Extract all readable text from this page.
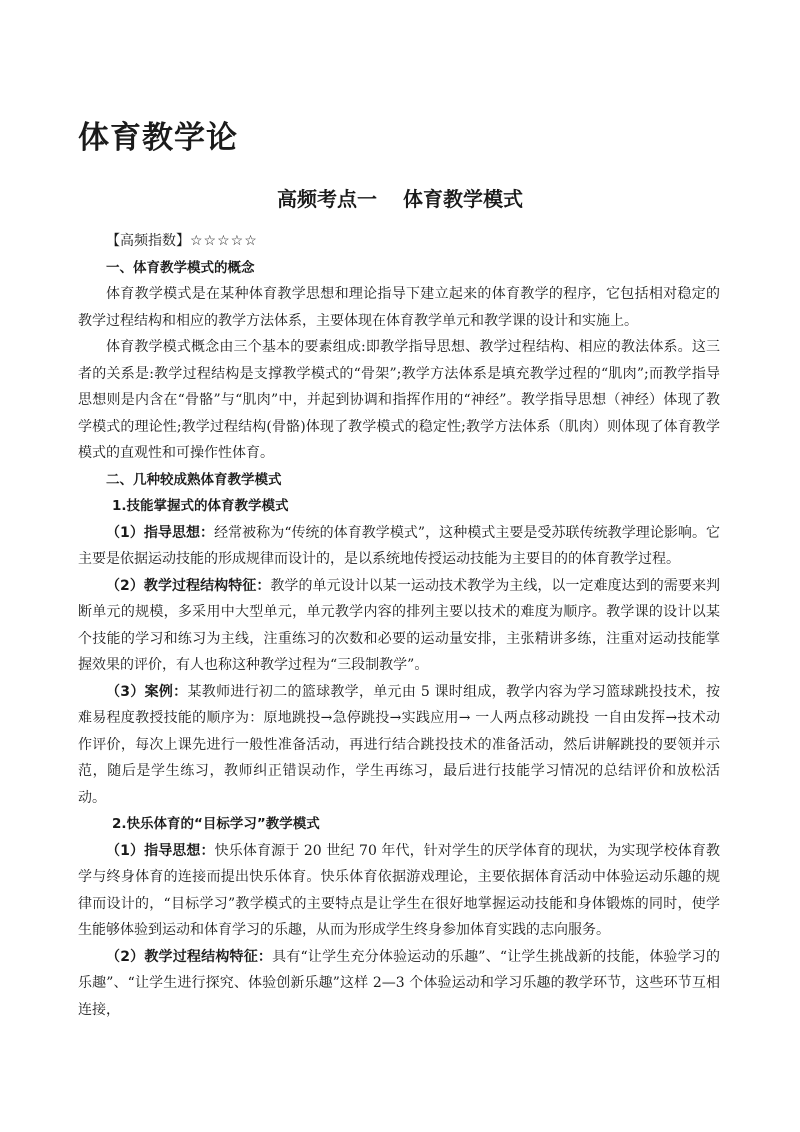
体育教学论
高频考点一 体育教学模式

【高频指数】☆☆☆☆☆

一、体育教学模式的概念

体育教学模式是在某种体育教学思想和理论指导下建立起来的体育教学的程序，它包括相对稳定的教学过程结构和相应的教学方法体系，主要体现在体育教学单元和教学课的设计和实施上。

体育教学模式概念由三个基本的要素组成:即教学指导思想、教学过程结构、相应的教法体系。这三者的关系是:教学过程结构是支撑教学模式的“骨架”;教学方法体系是填充教学过程的“肌肉”;而教学指导思想则是内含在“骨骼”与“肌肉”中，并起到协调和指挥作用的“神经”。教学指导思想（神经）体现了教学模式的理论性;教学过程结构(骨骼)体现了教学模式的稳定性;教学方法体系（肌肉）则体现了体育教学模式的直观性和可操作性体育。

二、几种较成熟体育教学模式

1.技能掌握式的体育教学模式

（1）指导思想：经常被称为“传统的体育教学模式”，这种模式主要是受苏联传统教学理论影响。它主要是依据运动技能的形成规律而设计的，是以系统地传授运动技能为主要目的的体育教学过程。

（2）教学过程结构特征：教学的单元设计以某一运动技术教学为主线，以一定难度达到的需要来判断单元的规模，多采用中大型单元，单元教学内容的排列主要以技术的难度为顺序。教学课的设计以某个技能的学习和练习为主线，注重练习的次数和必要的运动量安排，主张精讲多练，注重对运动技能掌握效果的评价，有人也称这种教学过程为“三段制教学”。

（3）案例：某教师进行初二的篮球教学，单元由 5 课时组成，教学内容为学习篮球跳投技术，按难易程度教授技能的顺序为：原地跳投→急停跳投→实践应用→ 一人两点移动跳投 一自由发挥→技术动作评价，每次上课先进行一般性准备活动，再进行结合跳投技术的准备活动，然后讲解跳投的要领并示范，随后是学生练习，教师纠正错误动作，学生再练习，最后进行技能学习情况的总结评价和放松活动。

2.快乐体育的“目标学习”教学模式

（1）指导思想：快乐体育源于 20 世纪 70 年代，针对学生的厌学体育的现状，为实现学校体育教学与终身体育的连接而提出快乐体育。快乐体育依据游戏理论，主要依据体育活动中体验运动乐趣的规律而设计的，“目标学习”教学模式的主要特点是让学生在很好地掌握运动技能和身体锻炼的同时，使学生能够体验到运动和体育学习的乐趣，从而为形成学生终身参加体育实践的志向服务。

（2）教学过程结构特征：具有“让学生充分体验运动的乐趣”、“让学生挑战新的技能，体验学习的乐趣”、“让学生进行探究、体验创新乐趣”这样 2—3 个体验运动和学习乐趣的教学环节，这些环节互相连接，
